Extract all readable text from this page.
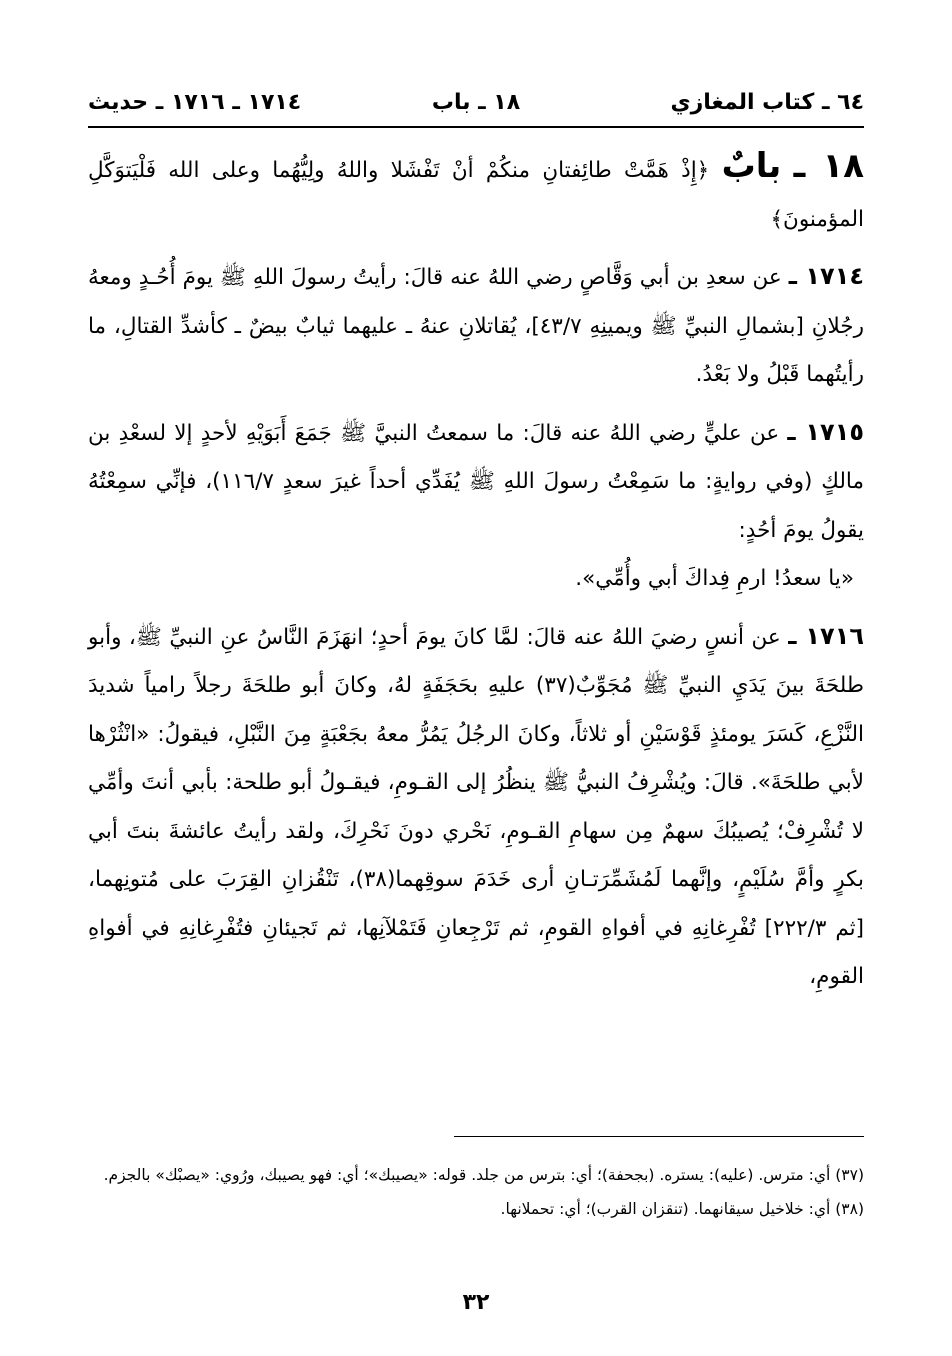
٦٤ ـ كتاب المغازي
١٨ ـ باب
١٧١٤ ـ ١٧١٦ ـ حديث

١٨ ـ بابٌ ﴿إِذْ هَمَّتْ طائِفتانِ منكُمْ أنْ تَفْشَلا واللهُ ولِيُّهُما وعلى الله فَلْيَتوَكَّلِ المؤمنونَ﴾

١٧١٤ ـ عن سعدِ بن أبي وَقَّاصٍ رضي اللهُ عنه قالَ: رأيتُ رسولَ اللهِ ﷺ يومَ أُحُـدٍ ومعهُ رجُلانِ [بشمالِ النبيِّ ﷺ ويمينِهِ ٤٣/٧]، يُقاتلانِ عنهُ ـ عليهما ثيابٌ بيضٌ ـ كأشدِّ القتالِ، ما رأيتُهما قَبْلُ ولا بَعْدُ.

١٧١٥ ـ عن عليٍّ رضي اللهُ عنه قالَ: ما سمعتُ النبيَّ ﷺ جَمَعَ أَبَوَيْهِ لأحدٍ إلا لسعْدِ بن مالكٍ (وفي روايةٍ: ما سَمِعْتُ رسولَ اللهِ ﷺ يُفَدِّي أحداً غيرَ سعدٍ ١١٦/٧)، فإنِّي سمِعْتُهُ يقولُ يومَ أحُدٍ:

«يا سعدُ! ارمِ فِداكَ أبي وأُمِّي».

١٧١٦ ـ عن أنسٍ رضيَ اللهُ عنه قالَ: لمَّا كانَ يومَ أحدٍ؛ انهَزَمَ النَّاسُ عنِ النبيِّ ﷺ، وأبو طلحَةَ بينَ يَدَيِ النبيِّ ﷺ مُجَوِّبٌ(٣٧) عليهِ بحَجَفَةٍ لهُ، وكانَ أبو طلحَةَ رجلاً رامياً شديدَ النَّزْعِ، كَسَرَ يومئذٍ قَوْسَيْنِ أو ثلاثاً، وكانَ الرجُلُ يَمُرُّ معهُ بجَعْبَةٍ مِنَ النَّبْلِ، فيقولُ: «انْثُرْها لأبي طلحَةَ». قالَ: ويُشْرِفُ النبيُّ ﷺ ينظُرُ إلى القـومِ، فيقـولُ أبو طلحة: بأبي أنتَ وأمِّي لا تُشْرِفْ؛ يُصيبُكَ سهمٌ مِن سهامِ القـومِ، نَحْري دونَ نَحْرِكَ، ولقد رأيتُ عائشةَ بنتَ أبي بكرٍ وأمَّ سُلَيْمٍ، وإنَّهما لَمُشَمِّرَتـانِ أرى خَدَمَ سوقِهما(٣٨)، تَنْقُزانِ القِرَبَ على مُتونِهما، [ثم ٢٢٢/٣] تُفْرِغانِهِ في أفواهِ القومِ، ثم تَرْجِعانِ فَتَمْلآنِها، ثم تَجيئانِ فتُفْرِغانِهِ في أفواهِ القومِ،

(٣٧) أي: مترس. (عليه): يستره. (بجحفة)؛ أي: بترس من جلد. قوله: «يصيبك»؛ أي: فهو يصيبك، ورُوي: «يصبْك» بالجزم.

(٣٨) أي: خلاخيل سيقانهما. (تنقزان القرب)؛ أي: تحملانها.

٣٢
